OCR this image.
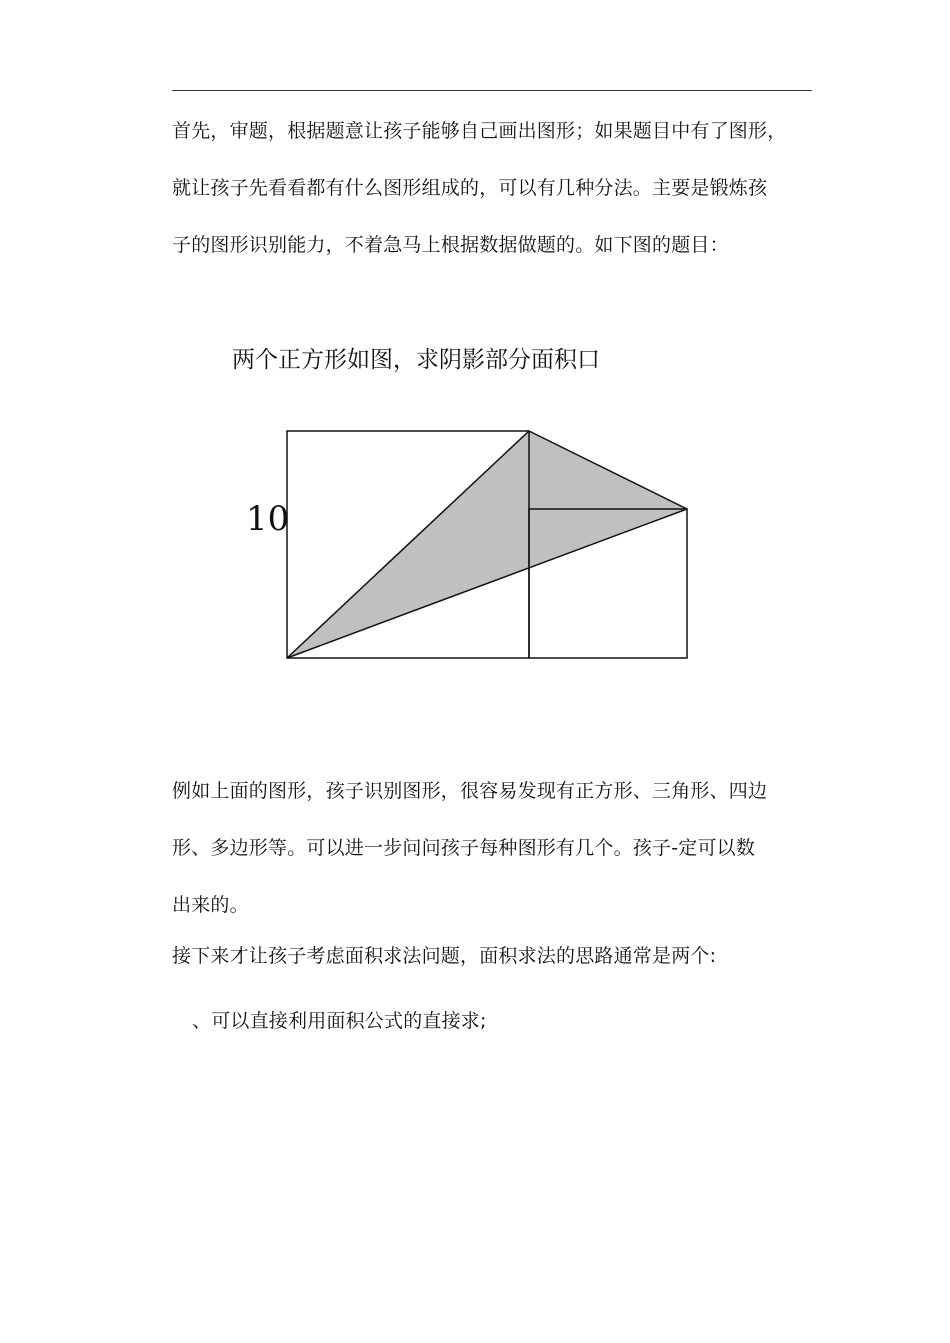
首先，审题，根据题意让孩子能够自己画出图形；如果题目中有了图形，
就让孩子先看看都有什么图形组成的，可以有几种分法。主要是锻炼孩
子的图形识别能力，不着急马上根据数据做题的。如下图的题目：
两个正方形如图，求阴影部分面积口
10
例如上面的图形，孩子识别图形，很容易发现有正方形、三角形、四边
形、多边形等。可以进一步问问孩子每种图形有几个。孩子-定可以数
出来的。
接下来才让孩子考虑面积求法问题，面积求法的思路通常是两个:
、可以直接利用面积公式的直接求;
